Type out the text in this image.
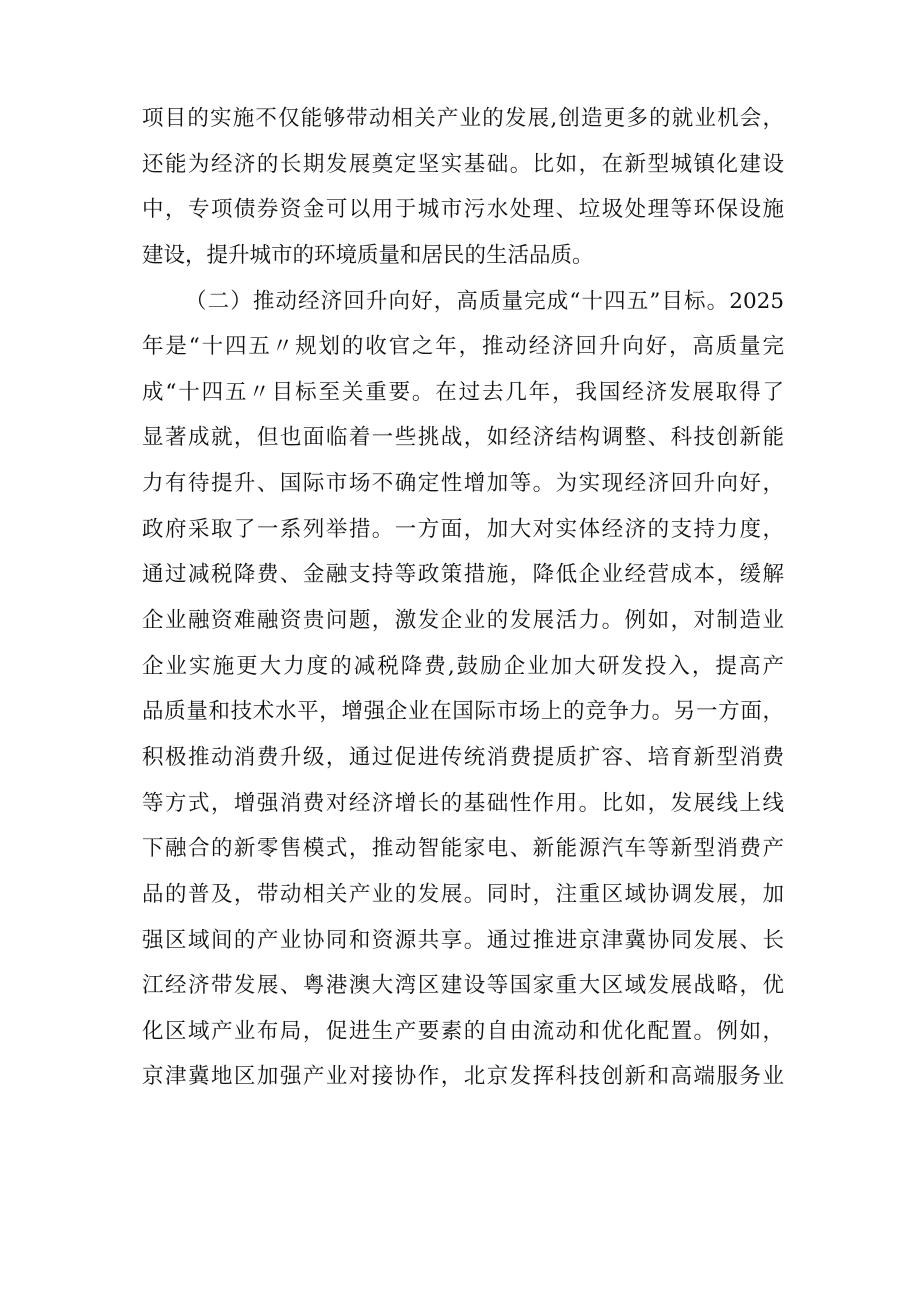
项目的实施不仅能够带动相关产业的发展,创造更多的就业机会，
还能为经济的长期发展奠定坚实基础。比如，在新型城镇化建设
中，专项债券资金可以用于城市污水处理、垃圾处理等环保设施
建设，提升城市的环境质量和居民的生活品质。
（二）推动经济回升向好，高质量完成“十四五”目标。2025
年是“十四五〃规划的收官之年，推动经济回升向好，高质量完
成“十四五〃目标至关重要。在过去几年，我国经济发展取得了
显著成就，但也面临着一些挑战，如经济结构调整、科技创新能
力有待提升、国际市场不确定性增加等。为实现经济回升向好，
政府采取了一系列举措。一方面，加大对实体经济的支持力度，
通过减税降费、金融支持等政策措施，降低企业经营成本，缓解
企业融资难融资贵问题，激发企业的发展活力。例如，对制造业
企业实施更大力度的减税降费,鼓励企业加大研发投入，提高产
品质量和技术水平，增强企业在国际市场上的竞争力。另一方面，
积极推动消费升级，通过促进传统消费提质扩容、培育新型消费
等方式，增强消费对经济增长的基础性作用。比如，发展线上线
下融合的新零售模式，推动智能家电、新能源汽车等新型消费产
品的普及，带动相关产业的发展。同时，注重区域协调发展，加
强区域间的产业协同和资源共享。通过推进京津冀协同发展、长
江经济带发展、粤港澳大湾区建设等国家重大区域发展战略，优
化区域产业布局，促进生产要素的自由流动和优化配置。例如，
京津冀地区加强产业对接协作，北京发挥科技创新和高端服务业
